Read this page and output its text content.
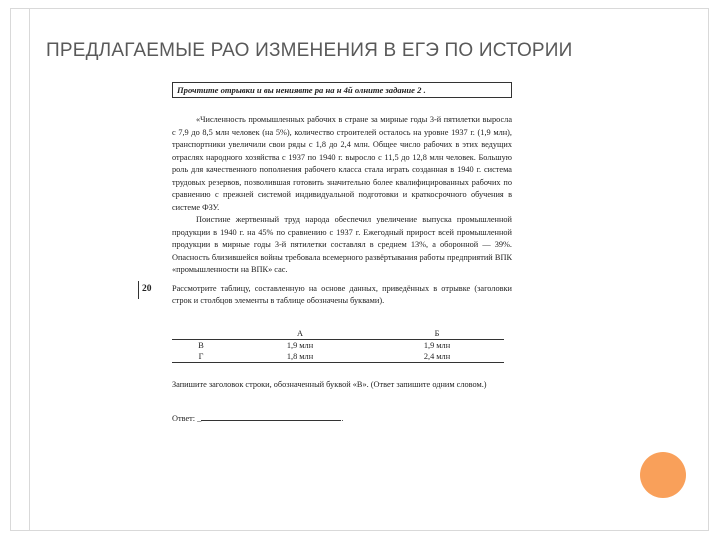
ПРЕДЛАГАЕМЫЕ РАО ИЗМЕНЕНИЯ В ЕГЭ ПО ИСТОРИИ
Прочтите отрывки и вы нениявте ра на н 4й олните задание 2 .

«Численность промышленных рабочих в стране за мирные годы 3-й пятилетки выросла с 7,9 до 8,5 млн человек (на 5%), количество строителей осталось на уровне 1937 г. (1,9 млн), транспортники увеличили свои ряды с 1,8 до 2,4 млн. Общее число рабочих в этих ведущих отраслях народного хозяйства с 1937 по 1940 г. выросло с 11,5 до 12,8 млн человек. Большую роль для качественного пополнения рабочего класса стала играть созданная в 1940 г. система трудовых резервов, позволившая готовить значительно более квалифицированных рабочих по сравнению с прежней системой индивидуальной подготовки и краткосрочного обучения в системе ФЗУ.

Поистине жертвенный труд народа обеспечил увеличение выпуска промышленной продукции в 1940 г. на 45% по сравнению с 1937 г. Ежегодный прирост всей промышленной продукции в мирные годы 3-й пятилетки составлял в среднем 13%, а оборонной — 39%. Опасность близившейся войны требовала всемерного развёртывания работы предприятий ВПК «промышленности на ВПК» сас.

20 Рассмотрите таблицу, составленную на основе данных, приведённых в отрывке (заголовки строк и столбцов элементы в таблице обозначены буквами).

	А	Б
В	1,9 млн	1,9 млн
Г	1,8 млн	2,4 млн

Запишите заголовок строки, обозначенный буквой «В». (Ответ запишите одним словом.)

Ответ: _	.
